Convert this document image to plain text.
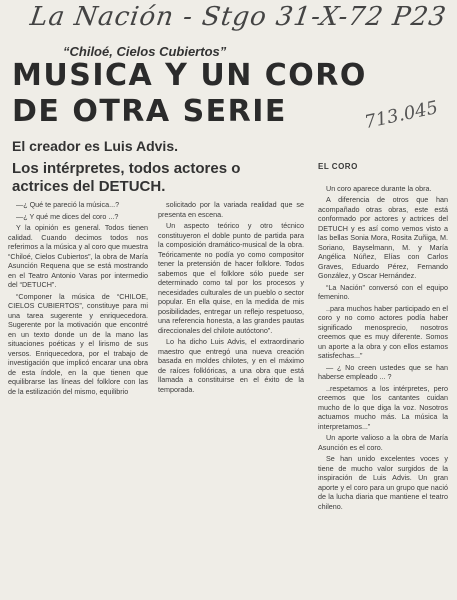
La Nación - Stgo 31-X-72 P23
713.045
“Chiloé, Cielos Cubiertos”
MUSICA Y UN CORO
DE OTRA SERIE
El creador es Luis Advis.
Los intérpretes, todos actores o actrices del DETUCH.

—¿ Qué te pareció la música...?

—¿ Y qué me dices del coro ...?

Y la opinión es general. Todos tienen calidad. Cuando decimos todos nos referimos a la música y al coro que muestra “Chiloé, Cielos Cubiertos”, la obra de María Asunción Requena que se está mostrando en el Teatro Antonio Varas por intermedio del “DETUCH”.

“Componer la música de “CHILOE, CIELOS CUBIERTOS”, constituye para mi una tarea sugerente y enriquecedora. Sugerente por la motivación que encontré en un texto donde un de la mano las situaciones poéticas y el lirismo de sus versos. Enriquecedora, por el trabajo de investigación que implicó encarar una obra de esta índole, en la que tienen que equilibrarse las líneas del folklore con las de la estilización del mismo, equilibrio

solicitado por la variada realidad que se presenta en escena.

Un aspecto teórico y otro técnico constituyeron el doble punto de partida para la composición dramático-musical de la obra. Teóricamente no podía yo como compositor tener la pretensión de hacer folklore. Todos sabemos que el folklore sólo puede ser determinado como tal por los procesos y necesidades culturales de un pueblo o sector popular. En ella quise, en la medida de mis posibilidades, entregar un reflejo respetuoso, una referencia honesta, a las grandes pautas direccionales del chilote autóctono”.

Lo ha dicho Luis Advis, el extraordinario maestro que entregó una nueva creación basada en moldes chilotes, y en el máximo de raíces folklóricas, a una obra que está llamada a constituirse en el éxito de la temporada.

EL CORO

Un coro aparece durante la obra.

A diferencia de otros que han acompañado otras obras, este está conformado por actores y actrices del DETUCH y es así como vemos visto a las bellas Sonia Mora, Rosita Zuñiga, M. Soriano, Bayselmann, M. y María Angélica Núñez, Elías con Carlos Graves, Eduardo Pérez, Fernando González, y Oscar Hernández.

“La Nación” conversó con el equipo femenino.

..para muchos haber participado en el coro y no como actores podía haber significado menosprecio, nosotros creemos que es muy diferente. Somos un aporte a la obra y con ellos estamos satisfechas...”

— ¿ No creen ustedes que se han haberse empleado ... ?

..respetamos a los intérpretes, pero creemos que los cantantes cuidan mucho de lo que diga la voz. Nosotros actuamos mucho más. La música la interpretamos...”

Un aporte valioso a la obra de María Asunción es el coro.

Se han unido excelentes voces y tiene de mucho valor surgidos de la inspiración de Luis Advis. Un gran aporte y el coro para un grupo que nació de la lucha diaria que mantiene el teatro chileno.
